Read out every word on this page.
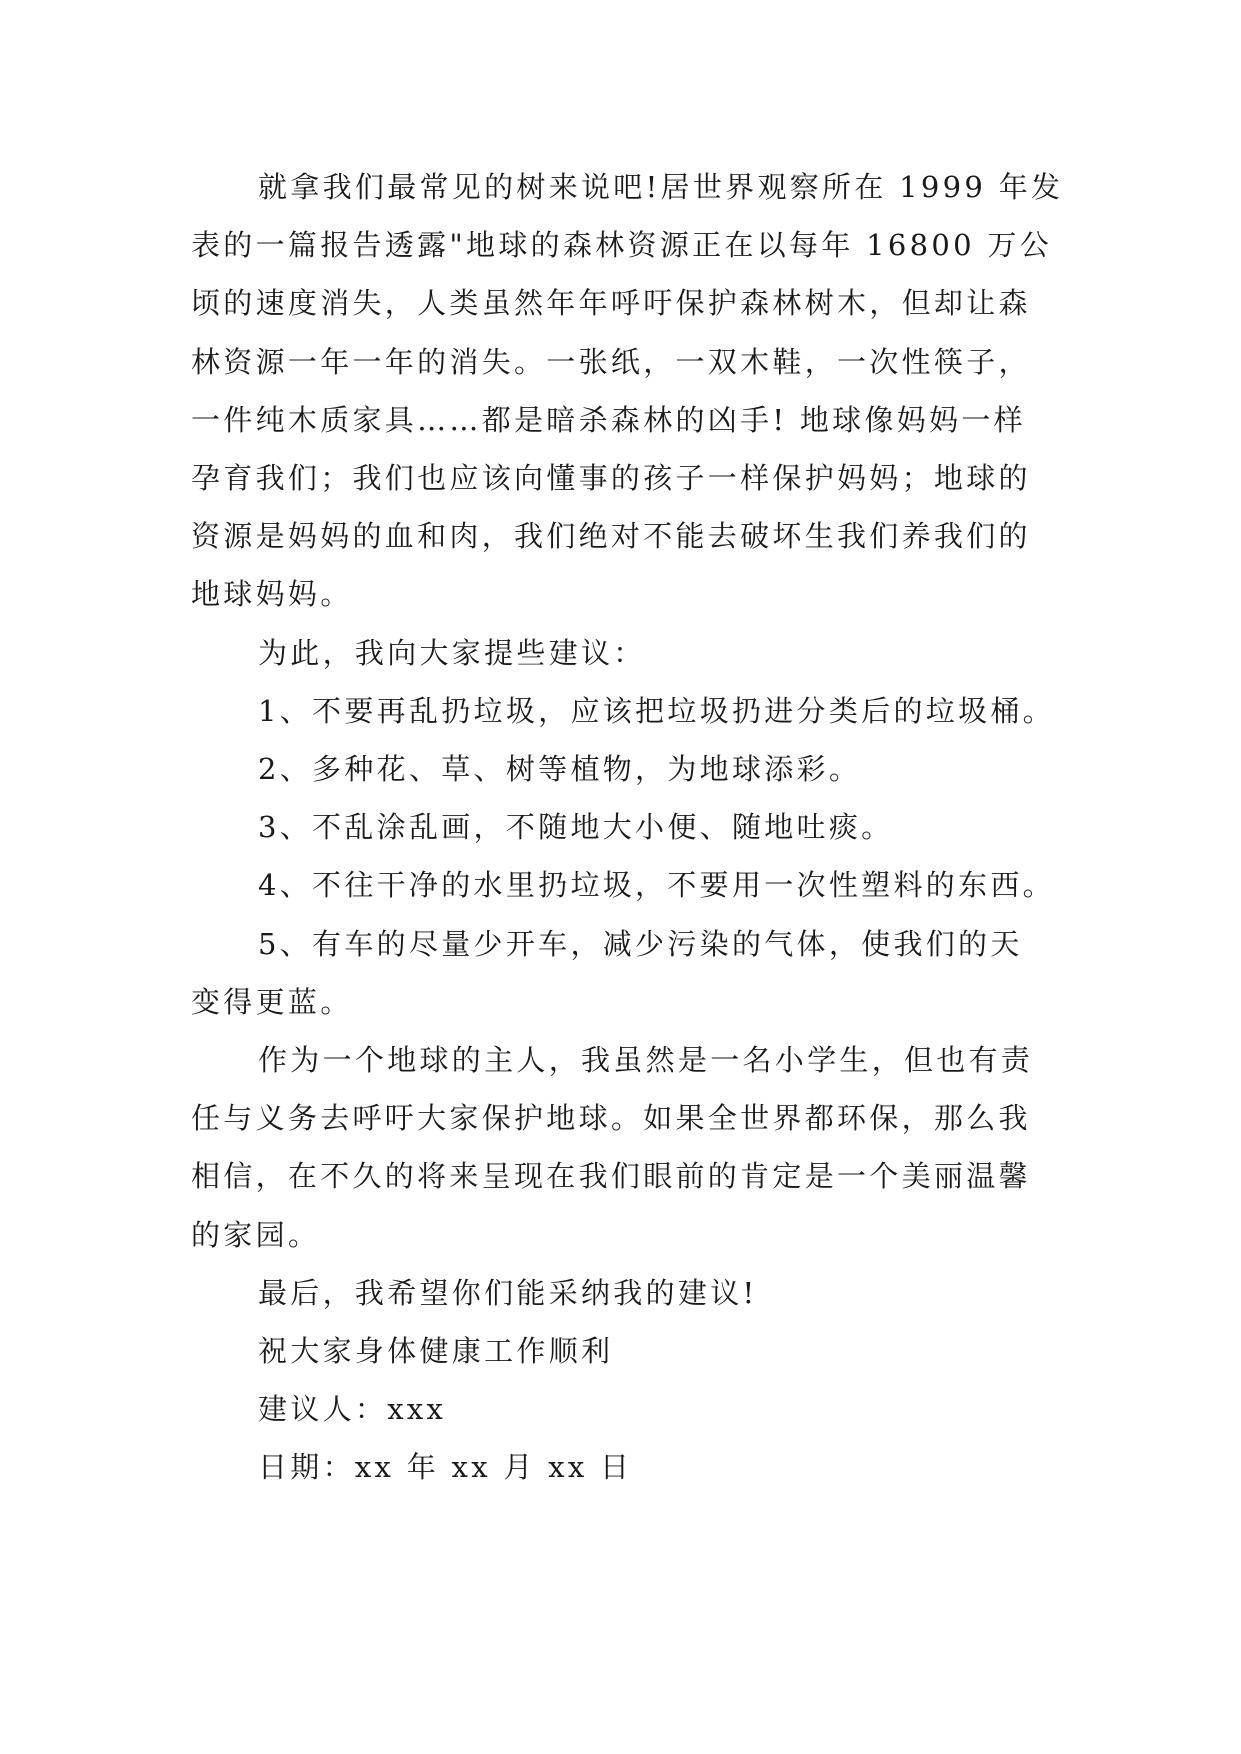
就拿我们最常见的树来说吧!居世界观察所在 1999 年发
表的一篇报告透露"地球的森林资源正在以每年 16800 万公
顷的速度消失，人类虽然年年呼吁保护森林树木，但却让森
林资源一年一年的消失。一张纸，一双木鞋，一次性筷子，
一件纯木质家具……都是暗杀森林的凶手! 地球像妈妈一样
孕育我们；我们也应该向懂事的孩子一样保护妈妈；地球的
资源是妈妈的血和肉，我们绝对不能去破坏生我们养我们的
地球妈妈。

为此，我向大家提些建议：

1、不要再乱扔垃圾，应该把垃圾扔进分类后的垃圾桶。

2、多种花、草、树等植物，为地球添彩。

3、不乱涂乱画，不随地大小便、随地吐痰。

4、不往干净的水里扔垃圾，不要用一次性塑料的东西。

5、有车的尽量少开车，减少污染的气体，使我们的天
变得更蓝。
作为一个地球的主人，我虽然是一名小学生，但也有责
任与义务去呼吁大家保护地球。如果全世界都环保，那么我
相信，在不久的将来呈现在我们眼前的肯定是一个美丽温馨
的家园。

最后，我希望你们能采纳我的建议!

祝大家身体健康工作顺利

建议人：xxx

日期：xx 年 xx 月 xx 日
